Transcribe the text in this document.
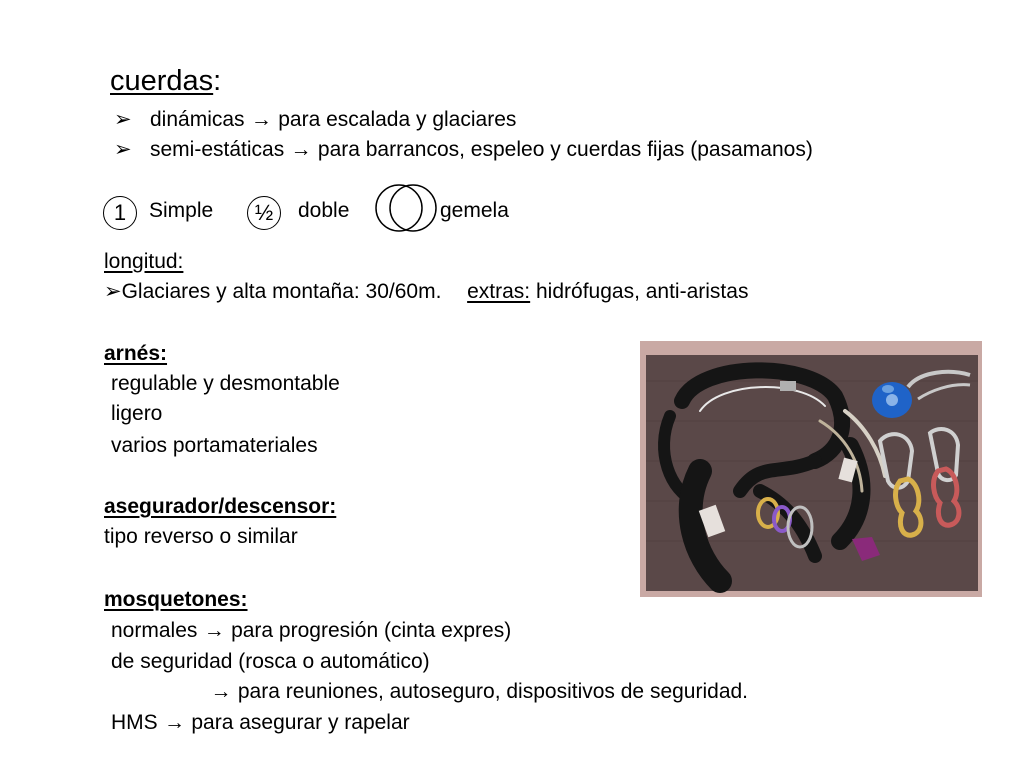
cuerdas:
➢ dinámicas → para escalada y glaciares
➢ semi-estáticas → para barrancos, espeleo y cuerdas fijas (pasamanos)
1	Simple	½	doble	gemela
longitud:
➢Glaciares y alta montaña: 30/60m. extras: hidrófugas, anti-aristas
arnés:
regulable y desmontable
ligero
varios portamateriales
asegurador/descensor:
tipo reverso o similar
mosquetones:
normales → para progresión (cinta expres)
de seguridad (rosca o automático)
→ para reuniones, autoseguro, dispositivos de seguridad.
HMS → para asegurar y rapelar
